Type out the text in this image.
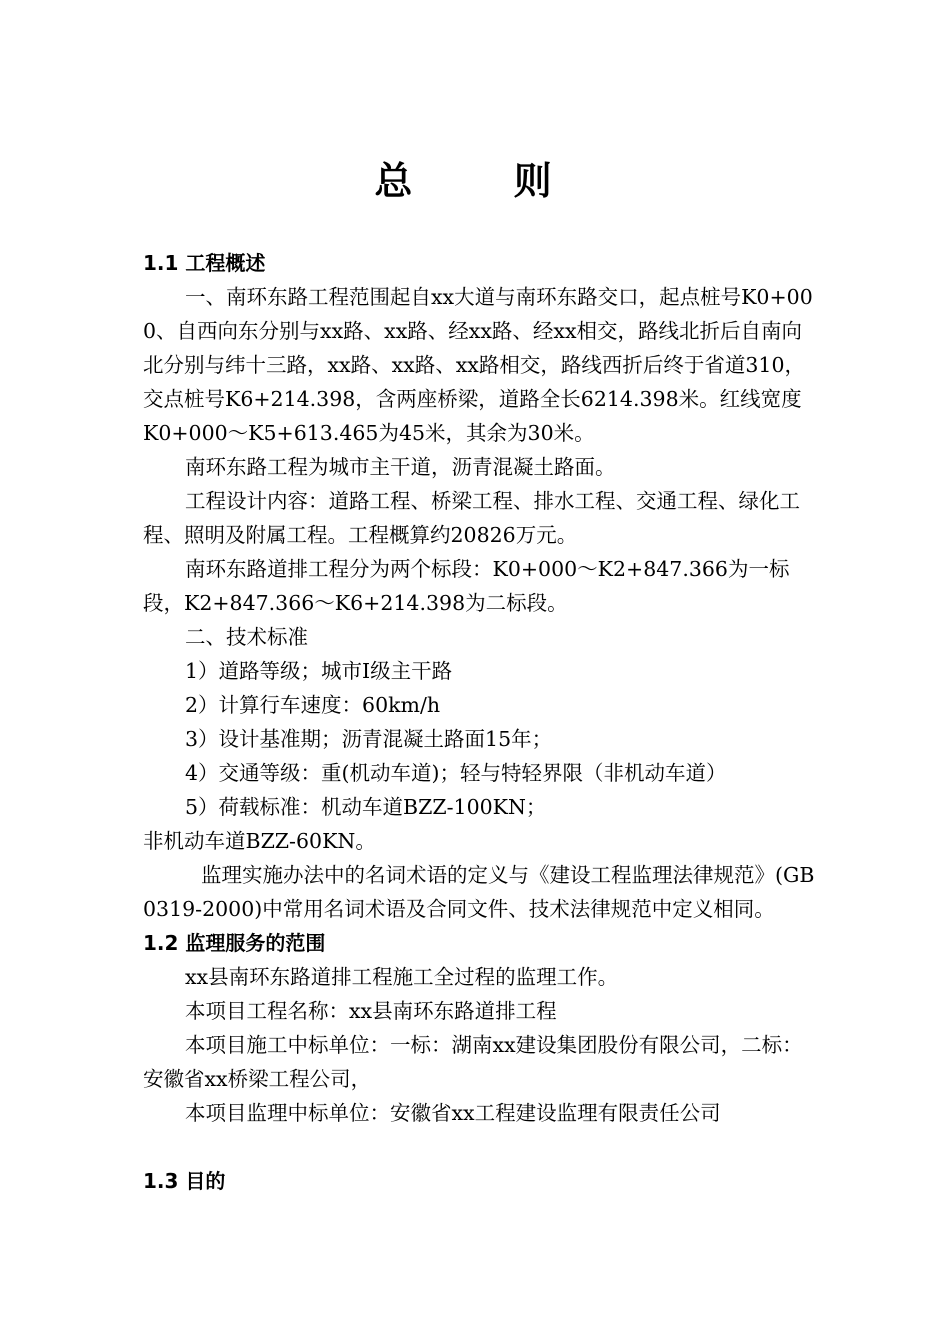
总 则

1.1 工程概述

一、南环东路工程范围起自xx大道与南环东路交口，起点桩号K0+000、自西向东分别与xx路、xx路、经xx路、经xx相交，路线北折后自南向北分别与纬十三路，xx路、xx路、xx路相交，路线西折后终于省道310，交点桩号K6+214.398，含两座桥梁，道路全长6214.398米。红线宽度K0+000～K5+613.465为45米，其余为30米。

南环东路工程为城市主干道，沥青混凝土路面。

工程设计内容：道路工程、桥梁工程、排水工程、交通工程、绿化工程、照明及附属工程。工程概算约20826万元。

南环东路道排工程分为两个标段：K0+000～K2+847.366为一标段，K2+847.366～K6+214.398为二标段。

二、技术标准

1）道路等级；城市Ⅰ级主干路

2）计算行车速度：60km/h

3）设计基准期；沥青混凝土路面15年；

4）交通等级：重(机动车道)；轻与特轻界限（非机动车道）

5）荷载标准：机动车道BZZ-100KN；

非机动车道BZZ-60KN。

监理实施办法中的名词术语的定义与《建设工程监理法律规范》(GB0319-2000)中常用名词术语及合同文件、技术法律规范中定义相同。

1.2 监理服务的范围

xx县南环东路道排工程施工全过程的监理工作。

本项目工程名称：xx县南环东路道排工程

本项目施工中标单位：一标：湖南xx建设集团股份有限公司，二标：安徽省xx桥梁工程公司，

本项目监理中标单位：安徽省xx工程建设监理有限责任公司

1.3 目的
